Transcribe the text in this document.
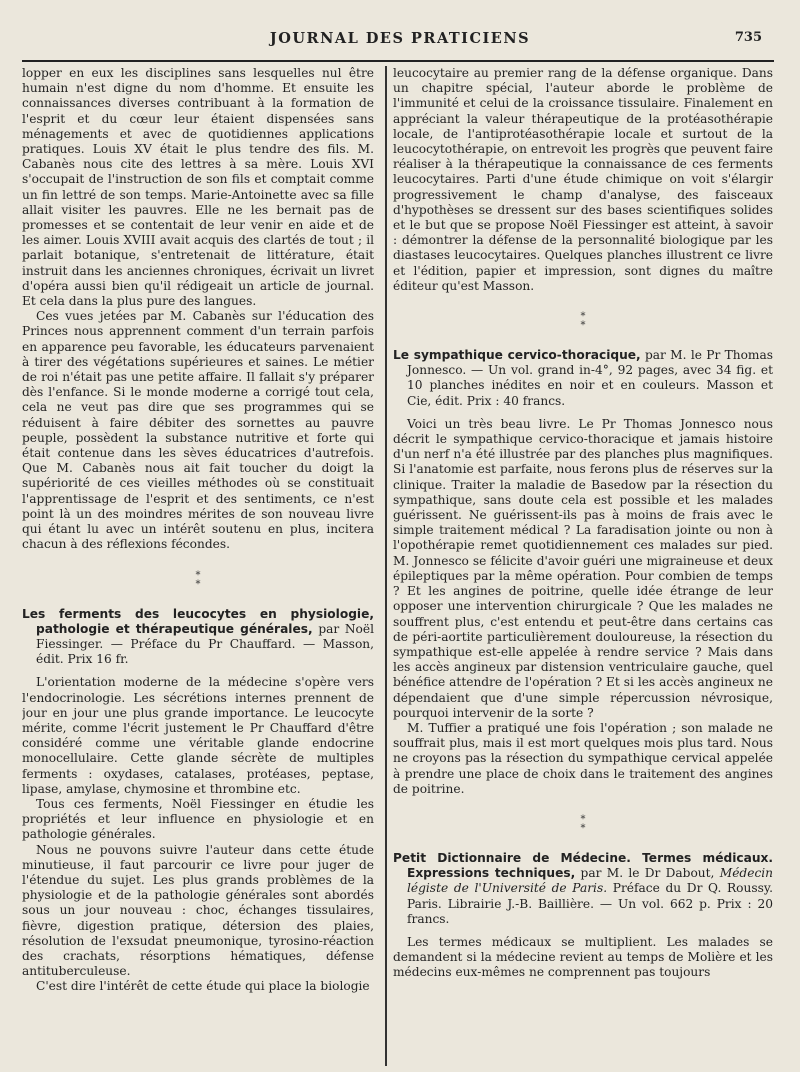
JOURNAL DES PRATICIENS	735

lopper en eux les disciplines sans lesquelles nul être humain n'est digne du nom d'homme. Et ensuite les connaissances diverses contribuant à la formation de l'esprit et du cœur leur étaient dispensées sans ménagements et avec de quotidiennes applications pratiques. Louis XV était le plus tendre des fils. M. Cabanès nous cite des lettres à sa mère. Louis XVI s'occupait de l'instruction de son fils et comptait comme un fin lettré de son temps. Marie-Antoinette avec sa fille allait visiter les pauvres. Elle ne les bernait pas de promesses et se contentait de leur venir en aide et de les aimer. Louis XVIII avait acquis des clartés de tout ; il parlait botanique, s'entretenait de littérature, était instruit dans les anciennes chroniques, écrivait un livret d'opéra aussi bien qu'il rédigeait un article de journal. Et cela dans la plus pure des langues.

Ces vues jetées par M. Cabanès sur l'éducation des Princes nous apprennent comment d'un terrain parfois en apparence peu favorable, les éducateurs parvenaient à tirer des végétations supérieures et saines. Le métier de roi n'était pas une petite affaire. Il fallait s'y préparer dès l'enfance. Si le monde moderne a corrigé tout cela, cela ne veut pas dire que ses programmes qui se réduisent à faire débiter des sornettes au pauvre peuple, possèdent la substance nutritive et forte qui était contenue dans les sèves éducatrices d'autrefois. Que M. Cabanès nous ait fait toucher du doigt la supériorité de ces vieilles méthodes où se constituait l'apprentissage de l'esprit et des sentiments, ce n'est point là un des moindres mérites de son nouveau livre qui étant lu avec un intérêt soutenu en plus, incitera chacun à des réflexions fécondes.

*
*
Les ferments des leucocytes en physiologie, pathologie et thérapeutique générales, par Noël Fiessinger. — Préface du Pr Chauffard. — Masson, édit. Prix 16 fr.

L'orientation moderne de la médecine s'opère vers l'endocrinologie. Les sécrétions internes prennent de jour en jour une plus grande importance. Le leucocyte mérite, comme l'écrit justement le Pr Chauffard d'être considéré comme une véritable glande endocrine monocellulaire. Cette glande sécrète de multiples ferments : oxydases, catalases, protéases, peptase, lipase, amylase, chymosine et thrombine etc.

Tous ces ferments, Noël Fiessinger en étudie les propriétés et leur influence en physiologie et en pathologie générales.

Nous ne pouvons suivre l'auteur dans cette étude minutieuse, il faut parcourir ce livre pour juger de l'étendue du sujet. Les plus grands problèmes de la physiologie et de la pathologie générales sont abordés sous un jour nouveau : choc, échanges tissulaires, fièvre, digestion pratique, détersion des plaies, résolution de l'exsudat pneumonique, tyrosino-réaction des crachats, résorptions hématiques, défense antituberculeuse.

C'est dire l'intérêt de cette étude qui place la biologie

leucocytaire au premier rang de la défense organique. Dans un chapitre spécial, l'auteur aborde le problème de l'immunité et celui de la croissance tissulaire. Finalement en appréciant la valeur thérapeutique de la protéasothérapie locale, de l'antiprotéasothérapie locale et surtout de la leucocytothérapie, on entrevoit les progrès que peuvent faire réaliser à la thérapeutique la connaissance de ces ferments leucocytaires. Parti d'une étude chimique on voit s'élargir progressivement le champ d'analyse, des faisceaux d'hypothèses se dressent sur des bases scientifiques solides et le but que se propose Noël Fiessinger est atteint, à savoir : démontrer la défense de la personnalité biologique par les diastases leucocytaires. Quelques planches illustrent ce livre et l'édition, papier et impression, sont dignes du maître éditeur qu'est Masson.

*
*
Le sympathique cervico-thoracique, par M. le Pr Thomas Jonnesco. — Un vol. grand in-4°, 92 pages, avec 34 fig. et 10 planches inédites en noir et en couleurs. Masson et Cie, édit. Prix : 40 francs.

Voici un très beau livre. Le Pr Thomas Jonnesco nous décrit le sympathique cervico-thoracique et jamais histoire d'un nerf n'a été illustrée par des planches plus magnifiques. Si l'anatomie est parfaite, nous ferons plus de réserves sur la clinique. Traiter la maladie de Basedow par la résection du sympathique, sans doute cela est possible et les malades guérissent. Ne guérissent-ils pas à moins de frais avec le simple traitement médical ? La faradisation jointe ou non à l'opothérapie remet quotidiennement ces malades sur pied. M. Jonnesco se félicite d'avoir guéri une migraineuse et deux épileptiques par la même opération. Pour combien de temps ? Et les angines de poitrine, quelle idée étrange de leur opposer une intervention chirurgicale ? Que les malades ne souffrent plus, c'est entendu et peut-être dans certains cas de péri-aortite particulièrement douloureuse, la résection du sympathique est-elle appelée à rendre service ? Mais dans les accès angineux par distension ventriculaire gauche, quel bénéfice attendre de l'opération ? Et si les accès angineux ne dépendaient que d'une simple répercussion névrosique, pourquoi intervenir de la sorte ?

M. Tuffier a pratiqué une fois l'opération ; son malade ne souffrait plus, mais il est mort quelques mois plus tard. Nous ne croyons pas la résection du sympathique cervical appelée à prendre une place de choix dans le traitement des angines de poitrine.

*
*
Petit Dictionnaire de Médecine. Termes médicaux. Expressions techniques, par M. le Dr Dabout, Médecin légiste de l'Université de Paris. Préface du Dr Q. Roussy. Paris. Librairie J.-B. Baillière. — Un vol. 662 p. Prix : 20 francs.

Les termes médicaux se multiplient. Les malades se demandent si la médecine revient au temps de Molière et les médecins eux-mêmes ne comprennent pas toujours
